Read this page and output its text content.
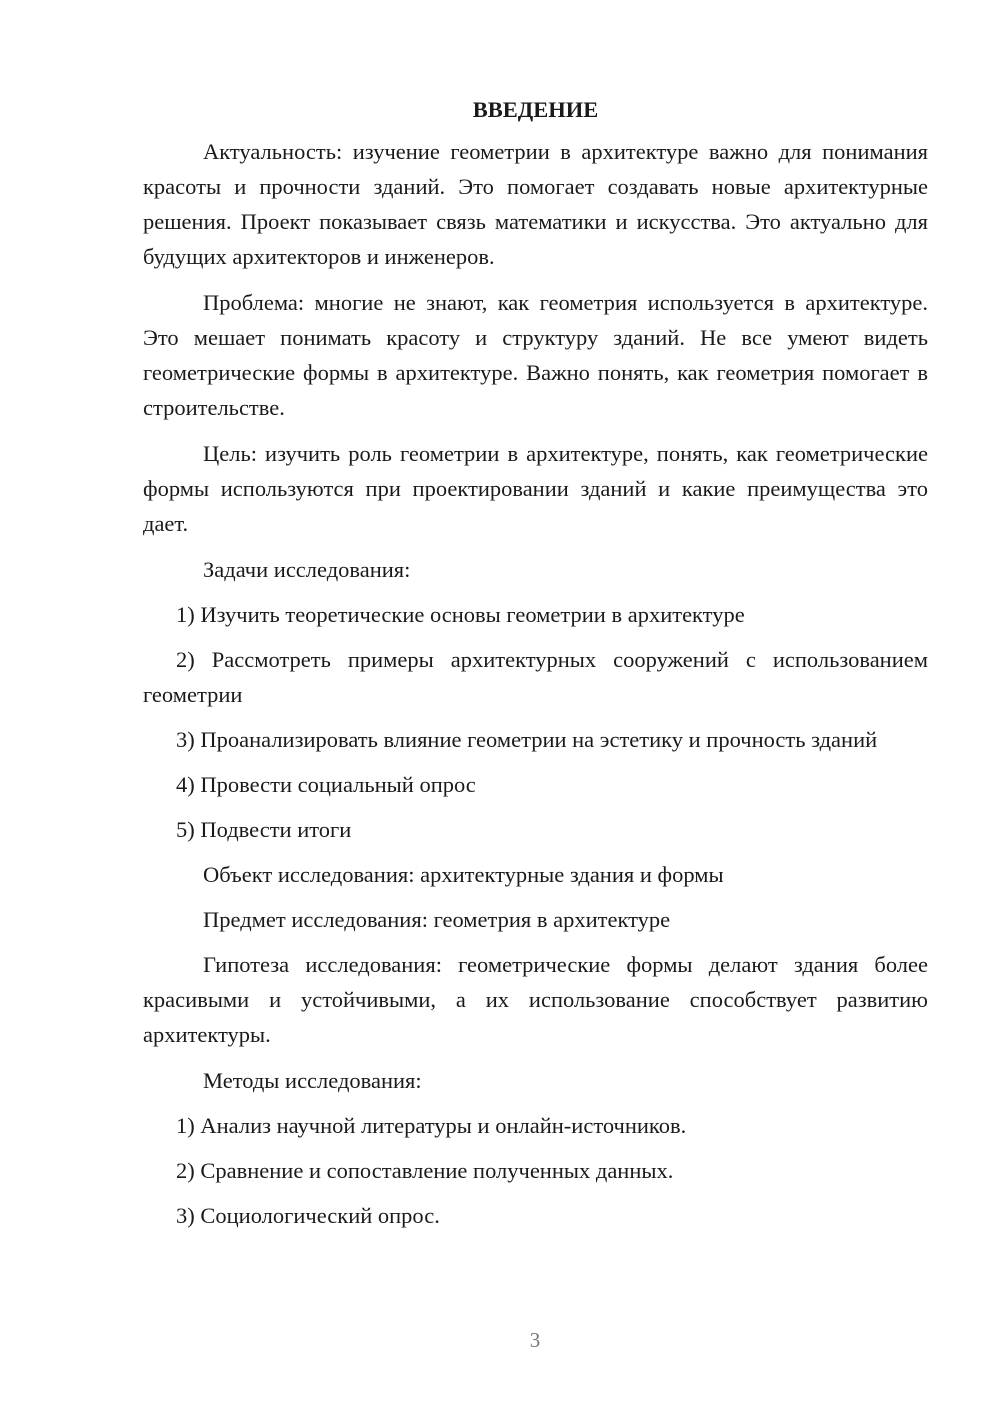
ВВЕДЕНИЕ

Актуальность: изучение геометрии в архитектуре важно для понимания красоты и прочности зданий. Это помогает создавать новые архитектурные решения. Проект показывает связь математики и искусства. Это актуально для будущих архитекторов и инженеров.

Проблема: многие не знают, как геометрия используется в архитектуре. Это мешает понимать красоту и структуру зданий. Не все умеют видеть геометрические формы в архитектуре. Важно понять, как геометрия помогает в строительстве.

Цель: изучить роль геометрии в архитектуре, понять, как геометрические формы используются при проектировании зданий и какие преимущества это дает.

Задачи исследования:

1) Изучить теоретические основы геометрии в архитектуре

2) Рассмотреть примеры архитектурных сооружений с использованием геометрии

3) Проанализировать влияние геометрии на эстетику и прочность зданий

4) Провести социальный опрос

5) Подвести итоги

Объект исследования: архитектурные здания и формы

Предмет исследования: геометрия в архитектуре

Гипотеза исследования: геометрические формы делают здания более красивыми и устойчивыми, а их использование способствует развитию архитектуры.

Методы исследования:

1) Анализ научной литературы и онлайн-источников.

2) Сравнение и сопоставление полученных данных.

3) Социологический опрос.

3
